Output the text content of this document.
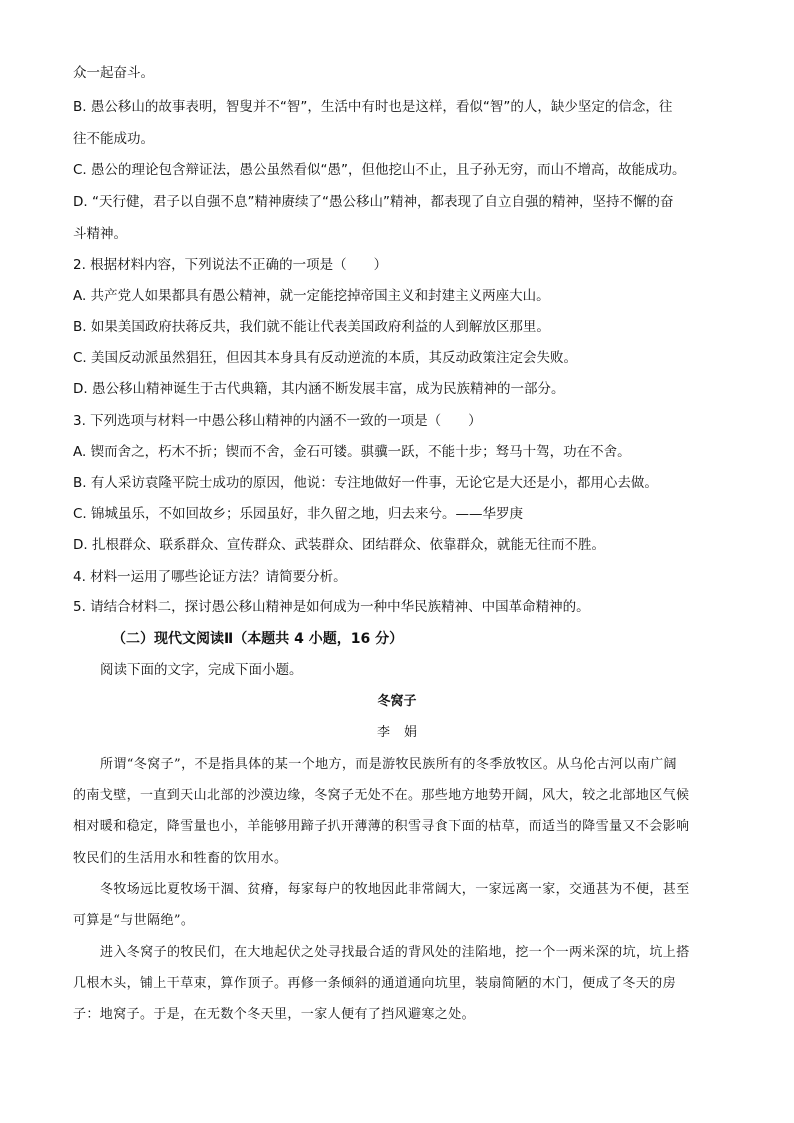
众一起奋斗。
B. 愚公移山的故事表明，智叟并不“智”，生活中有时也是这样，看似“智”的人，缺少坚定的信念，往
往不能成功。
C. 愚公的理论包含辩证法，愚公虽然看似“愚”，但他挖山不止，且子孙无穷，而山不增高，故能成功。
D. “天行健，君子以自强不息”精神赓续了“愚公移山”精神，都表现了自立自强的精神，坚持不懈的奋
斗精神。
2. 根据材料内容，下列说法不正确的一项是（　　）
A. 共产党人如果都具有愚公精神，就一定能挖掉帝国主义和封建主义两座大山。
B. 如果美国政府扶蒋反共，我们就不能让代表美国政府利益的人到解放区那里。
C. 美国反动派虽然猖狂，但因其本身具有反动逆流的本质，其反动政策注定会失败。
D. 愚公移山精神诞生于古代典籍，其内涵不断发展丰富，成为民族精神的一部分。
3. 下列选项与材料一中愚公移山精神的内涵不一致的一项是（　　）
A. 锲而舍之，朽木不折；锲而不舍，金石可镂。骐骥一跃，不能十步；驽马十驾，功在不舍。
B. 有人采访袁隆平院士成功的原因，他说：专注地做好一件事，无论它是大还是小，都用心去做。
C. 锦城虽乐，不如回故乡；乐园虽好，非久留之地，归去来兮。——华罗庚
D. 扎根群众、联系群众、宣传群众、武装群众、团结群众、依靠群众，就能无往而不胜。
4. 材料一运用了哪些论证方法？请简要分析。
5. 请结合材料二，探讨愚公移山精神是如何成为一种中华民族精神、中国革命精神的。
（二）现代文阅读Ⅱ（本题共 4 小题，16 分）
阅读下面的文字，完成下面小题。
冬窝子
李娟
所谓“冬窝子”，不是指具体的某一个地方，而是游牧民族所有的冬季放牧区。从乌伦古河以南广阔
的南戈壁，一直到天山北部的沙漠边缘，冬窝子无处不在。那些地方地势开阔，风大，较之北部地区气候
相对暖和稳定，降雪量也小，羊能够用蹄子扒开薄薄的积雪寻食下面的枯草，而适当的降雪量又不会影响
牧民们的生活用水和牲畜的饮用水。
冬牧场远比夏牧场干涸、贫瘠，每家每户的牧地因此非常阔大，一家远离一家，交通甚为不便，甚至
可算是“与世隔绝”。
进入冬窝子的牧民们，在大地起伏之处寻找最合适的背风处的洼陷地，挖一个一两米深的坑，坑上搭
几根木头，铺上干草束，算作顶子。再修一条倾斜的通道通向坑里，装扇简陋的木门，便成了冬天的房
子：地窝子。于是，在无数个冬天里，一家人便有了挡风避寒之处。
